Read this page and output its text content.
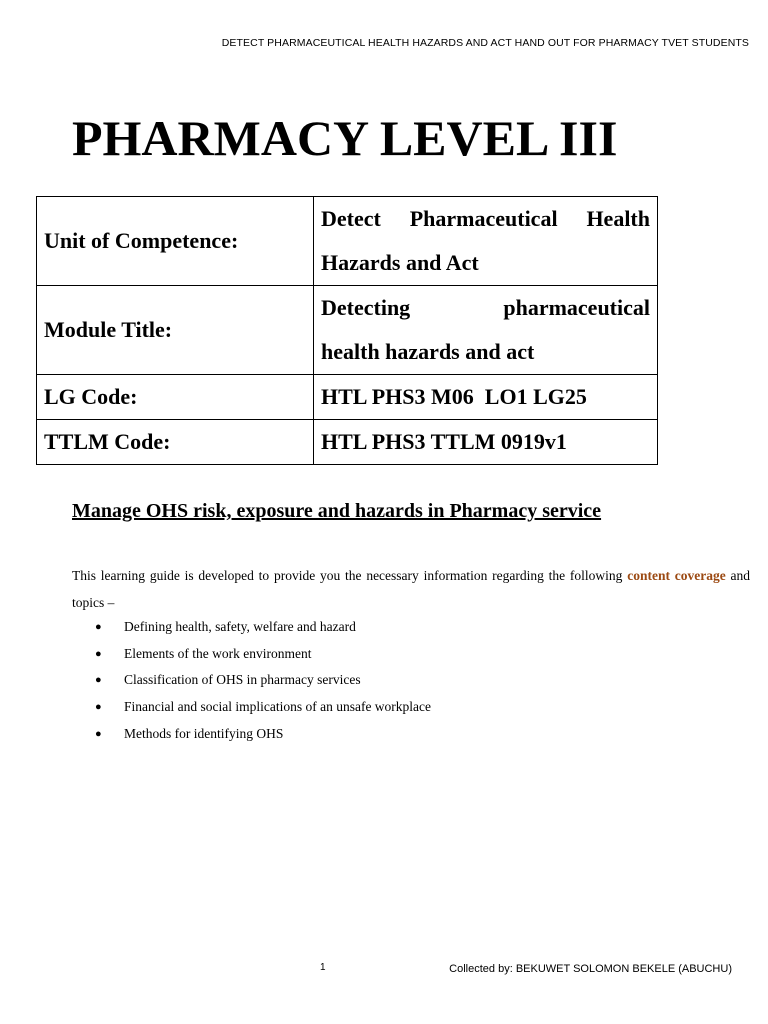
DETECT PHARMACEUTICAL HEALTH HAZARDS AND ACT HAND OUT FOR PHARMACY TVET STUDENTS
PHARMACY LEVEL III
Unit of Competence:	Detect Pharmaceutical Health
Hazards and Act
Module Title:	Detecting pharmaceutical
health hazards and act
LG Code:	HTL PHS3 M06  LO1 LG25
TTLM Code:	HTL PHS3 TTLM 0919v1
Manage OHS risk, exposure and hazards in Pharmacy service

This learning guide is developed to provide you the necessary information regarding the following content coverage and topics –

●	Defining health, safety, welfare and hazard
●	Elements of the work environment
●	Classification of OHS in pharmacy services
●	Financial and social implications of an unsafe workplace
●	Methods for identifying OHS
1	Collected by: BEKUWET SOLOMON BEKELE (ABUCHU)
